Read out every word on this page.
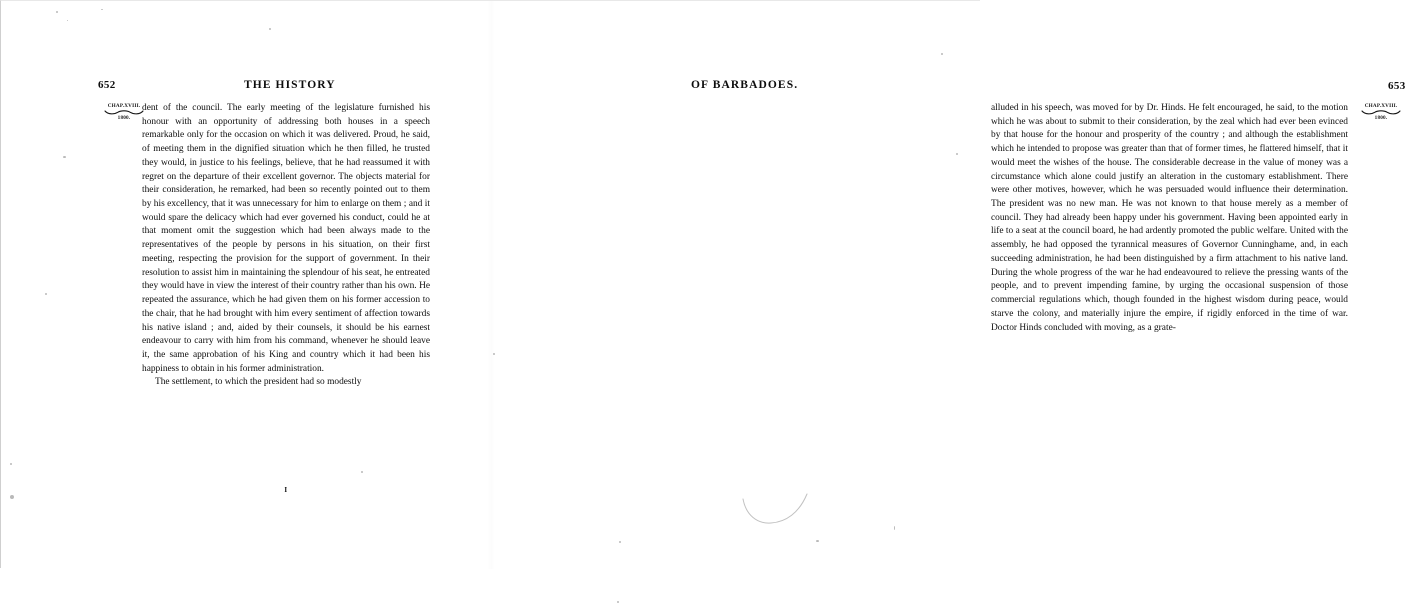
652	THE HISTORY
CHAP.XVIII.
1800.

dent of the council. The early meeting of the legislature furnished his honour with an opportunity of addressing both houses in a speech remarkable only for the occasion on which it was delivered. Proud, he said, of meeting them in the dignified situation which he then filled, he trusted they would, in justice to his feelings, believe, that he had reassumed it with regret on the departure of their excellent governor. The objects material for their consideration, he remarked, had been so recently pointed out to them by his excellency, that it was unnecessary for him to enlarge on them ; and it would spare the delicacy which had ever governed his conduct, could he at that moment omit the suggestion which had been always made to the representatives of the people by persons in his situation, on their first meeting, respecting the provision for the support of government. In their resolution to assist him in maintaining the splendour of his seat, he entreated they would have in view the interest of their country rather than his own. He repeated the assurance, which he had given them on his former accession to the chair, that he had brought with him every sentiment of affection towards his native island ; and, aided by their counsels, it should be his earnest endeavour to carry with him from his command, whenever he should leave it, the same approbation of his King and country which it had been his happiness to obtain in his former administration.

The settlement, to which the president had so modestly

I
OF BARBADOES.	653
CHAP.XVIII.
1800.

alluded in his speech, was moved for by Dr. Hinds. He felt encouraged, he said, to the motion which he was about to submit to their consideration, by the zeal which had ever been evinced by that house for the honour and prosperity of the country ; and although the establishment which he intended to propose was greater than that of former times, he flattered himself, that it would meet the wishes of the house. The considerable decrease in the value of money was a circumstance which alone could justify an alteration in the customary establishment. There were other motives, however, which he was persuaded would influence their determination. The president was no new man. He was not known to that house merely as a member of council. They had already been happy under his government. Having been appointed early in life to a seat at the council board, he had ardently promoted the public welfare. United with the assembly, he had opposed the tyrannical measures of Governor Cunninghame, and, in each succeeding administration, he had been distinguished by a firm attachment to his native land. During the whole progress of the war he had endeavoured to relieve the pressing wants of the people, and to prevent impending famine, by urging the occasional suspension of those commercial regulations which, though founded in the highest wisdom during peace, would starve the colony, and materially injure the empire, if rigidly enforced in the time of war. Doctor Hinds concluded with moving, as a grate-
